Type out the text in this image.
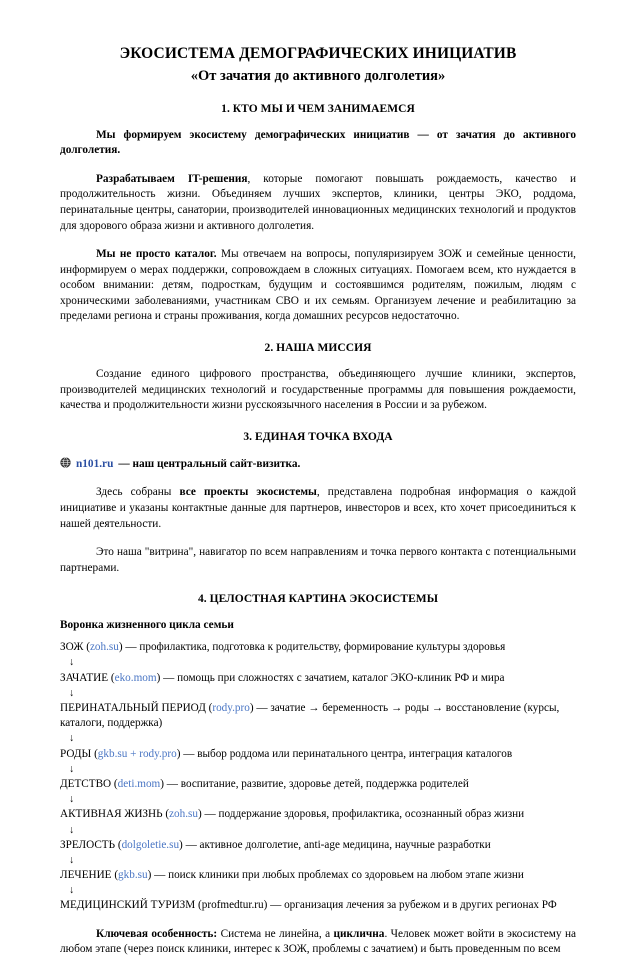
ЭКОСИСТЕМА ДЕМОГРАФИЧЕСКИХ ИНИЦИАТИВ
«От зачатия до активного долголетия»
1. КТО МЫ И ЧЕМ ЗАНИМАЕМСЯ

Мы формируем экосистему демографических инициатив — от зачатия до активного долголетия.

Разрабатываем IT-решения, которые помогают повышать рождаемость, качество и продолжительность жизни. Объединяем лучших экспертов, клиники, центры ЭКО, роддома, перинатальные центры, санатории, производителей инновационных медицинских технологий и продуктов для здорового образа жизни и активного долголетия.

Мы не просто каталог. Мы отвечаем на вопросы, популяризируем ЗОЖ и семейные ценности, информируем о мерах поддержки, сопровождаем в сложных ситуациях. Помогаем всем, кто нуждается в особом внимании: детям, подросткам, будущим и состоявшимся родителям, пожилым, людям с хроническими заболеваниями, участникам СВО и их семьям. Организуем лечение и реабилитацию за пределами региона и страны проживания, когда домашних ресурсов недостаточно.

2. НАША МИССИЯ

Создание единого цифрового пространства, объединяющего лучшие клиники, экспертов, производителей медицинских технологий и государственные программы для повышения рождаемости, качества и продолжительности жизни русскоязычного населения в России и за рубежом.

3. ЕДИНАЯ ТОЧКА ВХОДА
n101.ru — наш центральный сайт-визитка.

Здесь собраны все проекты экосистемы, представлена подробная информация о каждой инициативе и указаны контактные данные для партнеров, инвесторов и всех, кто хочет присоединиться к нашей деятельности.

Это наша "витрина", навигатор по всем направлениям и точка первого контакта с потенциальными партнерами.

4. ЦЕЛОСТНАЯ КАРТИНА ЭКОСИСТЕМЫ
Воронка жизненного цикла семьи
ЗОЖ (zoh.su) — профилактика, подготовка к родительству, формирование культуры здоровья
↓
ЗАЧАТИЕ (eko.mom) — помощь при сложностях с зачатием, каталог ЭКО-клиник РФ и мира
↓
ПЕРИНАТАЛЬНЫЙ ПЕРИОД (rody.pro) — зачатие → беременность → роды → восстановление (курсы, каталоги, поддержка)
↓
РОДЫ (gkb.su + rody.pro) — выбор роддома или перинатального центра, интеграция каталогов
↓
ДЕТСТВО (deti.mom) — воспитание, развитие, здоровье детей, поддержка родителей
↓
АКТИВНАЯ ЖИЗНЬ (zoh.su) — поддержание здоровья, профилактика, осознанный образ жизни
↓
ЗРЕЛОСТЬ (dolgoletie.su) — активное долголетие, anti-age медицина, научные разработки
↓
ЛЕЧЕНИЕ (gkb.su) — поиск клиники при любых проблемах со здоровьем на любом этапе жизни
↓
МЕДИЦИНСКИЙ ТУРИЗМ (profmedtur.ru) — организация лечения за рубежом и в других регионах РФ

Ключевая особенность: Система не линейна, а циклична. Человек может войти в экосистему на любом этапе (через поиск клиники, интерес к ЗОЖ, проблемы с зачатием) и быть проведенным по всем
